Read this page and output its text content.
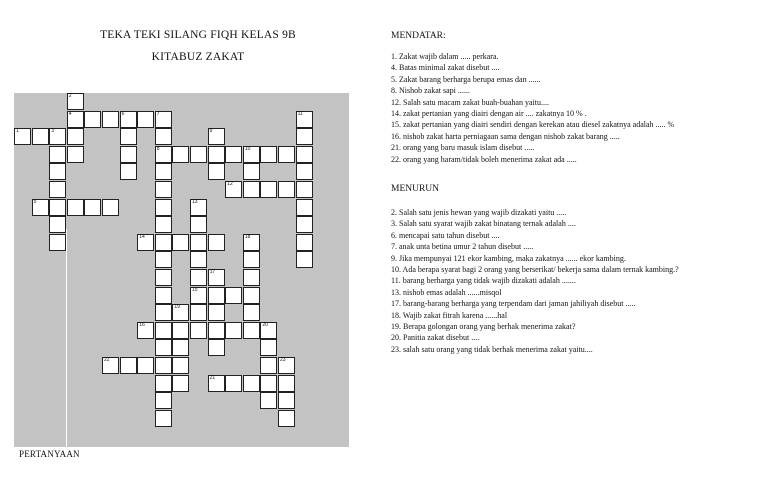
TEKA TEKI SILANG FIQH KELAS 9B
KITABUZ ZAKAT
1	3
2
4	6	7
8
9
10
11
12
5	13
15
14	18
17
19
16	20
22	23
21
PERTANYAAN
MENDATAR:
1. Zakat wajib dalam ..... perkara.
4. Batas minimal zakat disebut ....
5. Zakat barang berharga berupa emas dan ......
8. Nishob zakat sapi ......
12. Salah satu macam zakat buah-buahan yaitu....
14. zakat pertanian yang diairi dengan air .... zakatnya 10 % .
15. zakat pertanian yang diairi sendiri dengan kerekan atau diesel zakatnya adalah ..... %
16. nishob zakat harta perniagaan sama dengan nishob zakat barang .....
21. orang yang baru masuk islam disebut .....
22. orang yang haram/tidak boleh menerima zakat ada .....
MENURUN
2. Salah satu jenis hewan yang wajib dizakati yaitu .....
3. Salah satu syarat wajib zakat binatang ternak adalah ....
6. mencapai satu tahun disebut ....
7. anak unta betina umur 2 tahun disebut .....
9. Jika mempunyai 121 ekor kambing, maka zakatnya ...... ekor kambing.
10. Ada berapa syarat bagi 2 orang yang berserikat/ bekerja sama dalam ternak kambing.?
11. barang berharga yang tidak wajib dizakati adalah .......
13. nishob emas adalah ......misqol
17. barang-barang berharga yang terpendam dari jaman jahiliyah disebut .....
18. Wajib zakat fitrah karena ......hal
19. Berapa golongan orang yang berhak menerima zakat?
20. Panitia zakat disebut ....
23. salah satu orang yang tidak berhak menerima zakat yaitu....
